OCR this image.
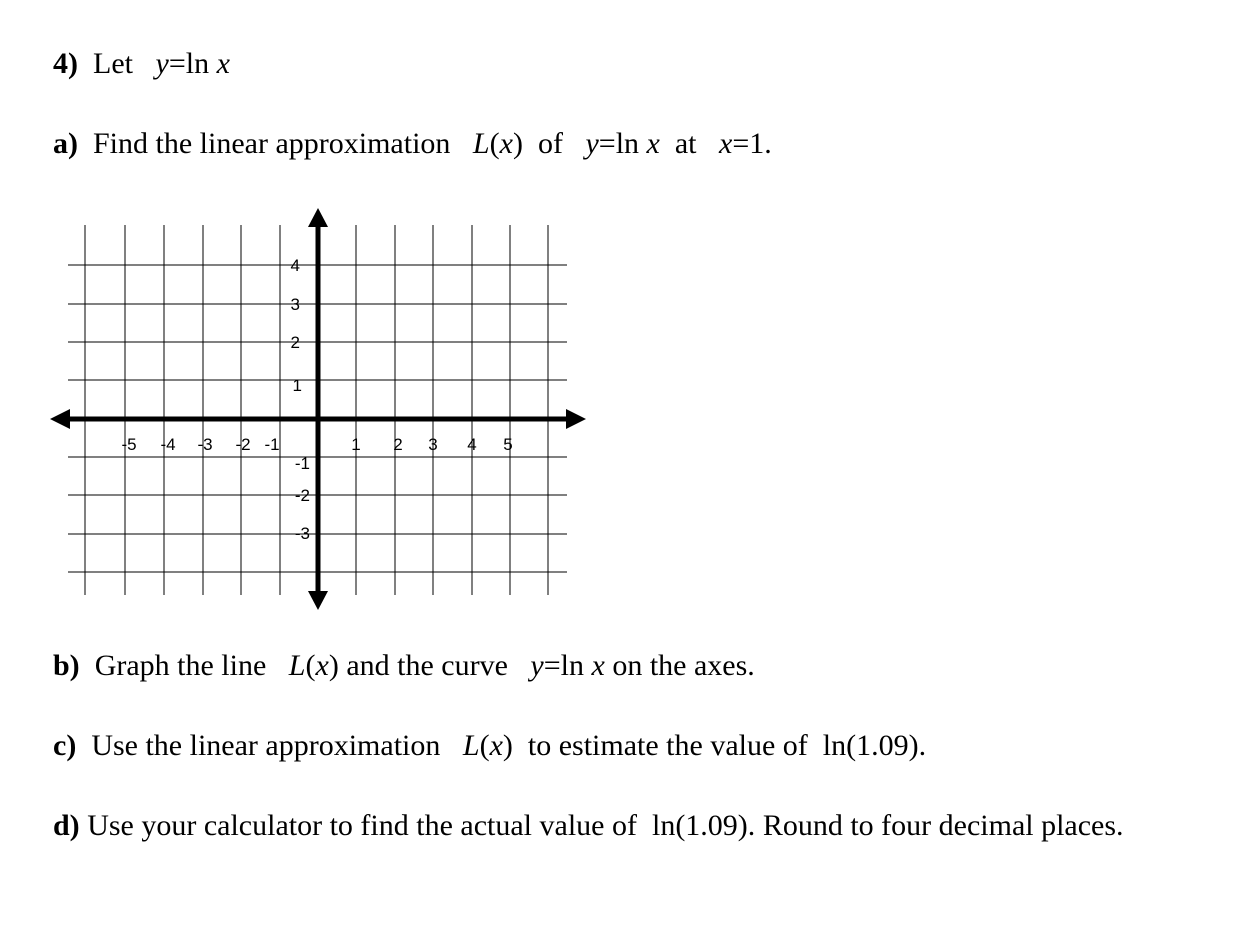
4) Let y=ln x
a) Find the linear approximation L(x) of y=ln x at x=1.
-5 -4 -3 -2 -1	1 2 3 4 5
4
3
2
1
-1
-2
-3
b) Graph the line L(x) and the curve y=ln x on the axes.
c) Use the linear approximation L(x) to estimate the value of ln(1.09).
d) Use your calculator to find the actual value of ln(1.09). Round to four decimal places.
